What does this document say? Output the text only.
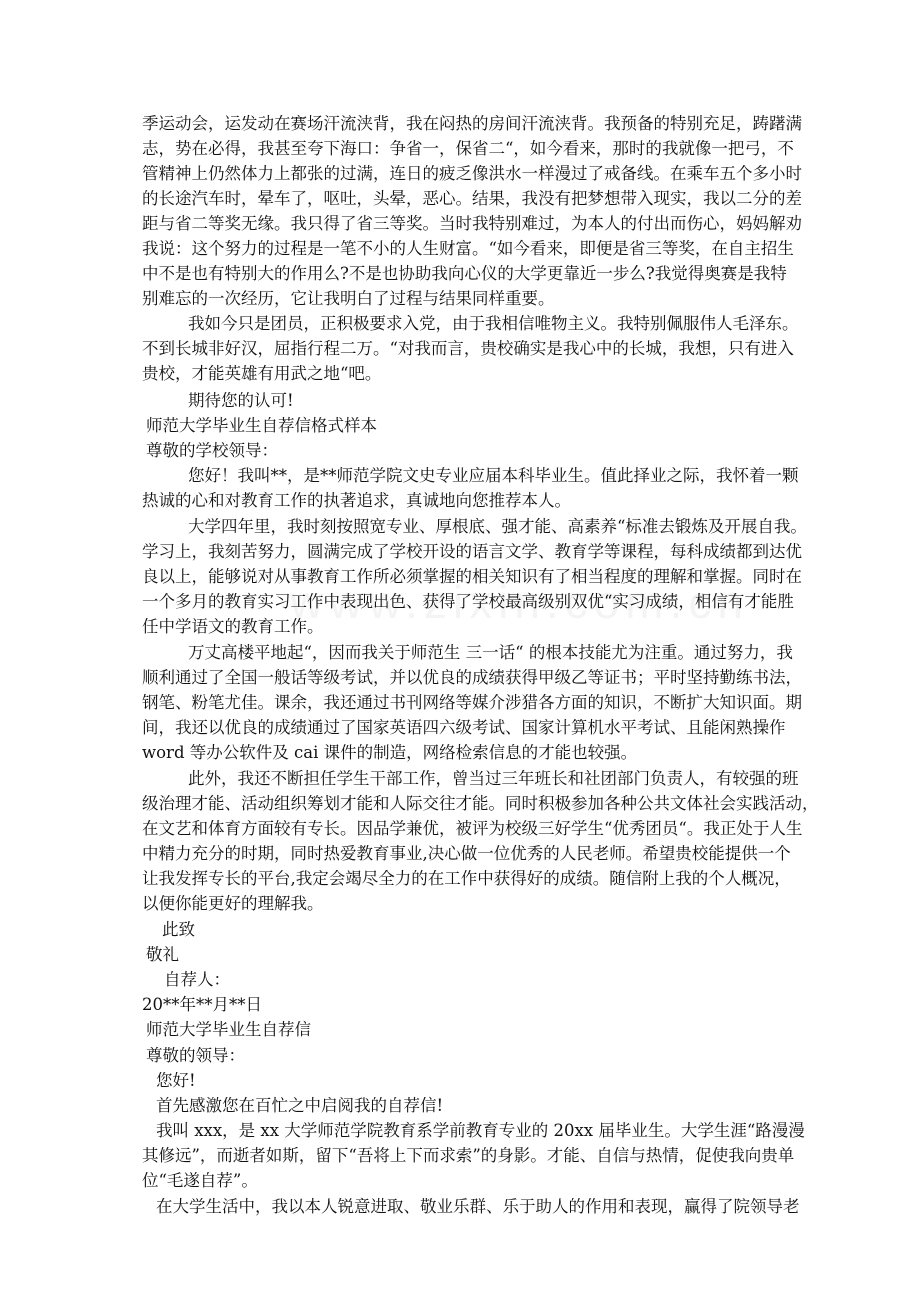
季运动会，运发动在赛场汗流浃背，我在闷热的房间汗流浃背。我预备的特别充足，踌躇满
志，势在必得，我甚至夸下海口：争省一，保省二“，如今看来，那时的我就像一把弓，不
管精神上仍然体力上都张的过满，连日的疲乏像洪水一样漫过了戒备线。在乘车五个多小时
的长途汽车时，晕车了，呕吐，头晕，恶心。结果，我没有把梦想带入现实，我以二分的差
距与省二等奖无缘。我只得了省三等奖。当时我特别难过，为本人的付出而伤心，妈妈解劝
我说：这个努力的过程是一笔不小的人生财富。“如今看来，即便是省三等奖，在自主招生
中不是也有特别大的作用么?不是也协助我向心仪的大学更靠近一步么?我觉得奥赛是我特
别难忘的一次经历，它让我明白了过程与结果同样重要。
我如今只是团员，正积极要求入党，由于我相信唯物主义。我特别佩服伟人毛泽东。
不到长城非好汉，屈指行程二万。“对我而言，贵校确实是我心中的长城，我想，只有进入
贵校，才能英雄有用武之地“吧。
期待您的认可!
师范大学毕业生自荐信格式样本
尊敬的学校领导：
您好！我叫**，是**师范学院文史专业应届本科毕业生。值此择业之际，我怀着一颗
热诚的心和对教育工作的执著追求，真诚地向您推荐本人。
大学四年里，我时刻按照宽专业、厚根底、强才能、高素养“标准去锻炼及开展自我。
学习上，我刻苦努力，圆满完成了学校开设的语言文学、教育学等课程，每科成绩都到达优
良以上，能够说对从事教育工作所必须掌握的相关知识有了相当程度的理解和掌握。同时在
一个多月的教育实习工作中表现出色、获得了学校最高级别双优“实习成绩，相信有才能胜
任中学语文的教育工作。
万丈高楼平地起“，因而我关于师范生 三一话“ 的根本技能尤为注重。通过努力，我
顺利通过了全国一般话等级考试，并以优良的成绩获得甲级乙等证书；平时坚持勤练书法，
钢笔、粉笔尤佳。课余，我还通过书刊网络等媒介涉猎各方面的知识，不断扩大知识面。期
间，我还以优良的成绩通过了国家英语四六级考试、国家计算机水平考试、且能闲熟操作
word 等办公软件及 cai 课件的制造，网络检索信息的才能也较强。
此外，我还不断担任学生干部工作，曾当过三年班长和社团部门负责人，有较强的班
级治理才能、活动组织筹划才能和人际交往才能。同时积极参加各种公共文体社会实践活动，
在文艺和体育方面较有专长。因品学兼优，被评为校级三好学生“优秀团员“。我正处于人生
中精力充分的时期，同时热爱教育事业,决心做一位优秀的人民老师。希望贵校能提供一个
让我发挥专长的平台,我定会竭尽全力的在工作中获得好的成绩。随信附上我的个人概况，
以便你能更好的理解我。
此致
敬礼
自荐人：
20**年**月**日
师范大学毕业生自荐信
尊敬的领导：
您好!
首先感激您在百忙之中启阅我的自荐信!
我叫 xxx，是 xx 大学师范学院教育系学前教育专业的 20xx 届毕业生。大学生涯“路漫漫
其修远”，而逝者如斯，留下“吾将上下而求索”的身影。才能、自信与热情，促使我向贵单
位“毛遂自荐”。
在大学生活中，我以本人锐意进取、敬业乐群、乐于助人的作用和表现，赢得了院领导老
